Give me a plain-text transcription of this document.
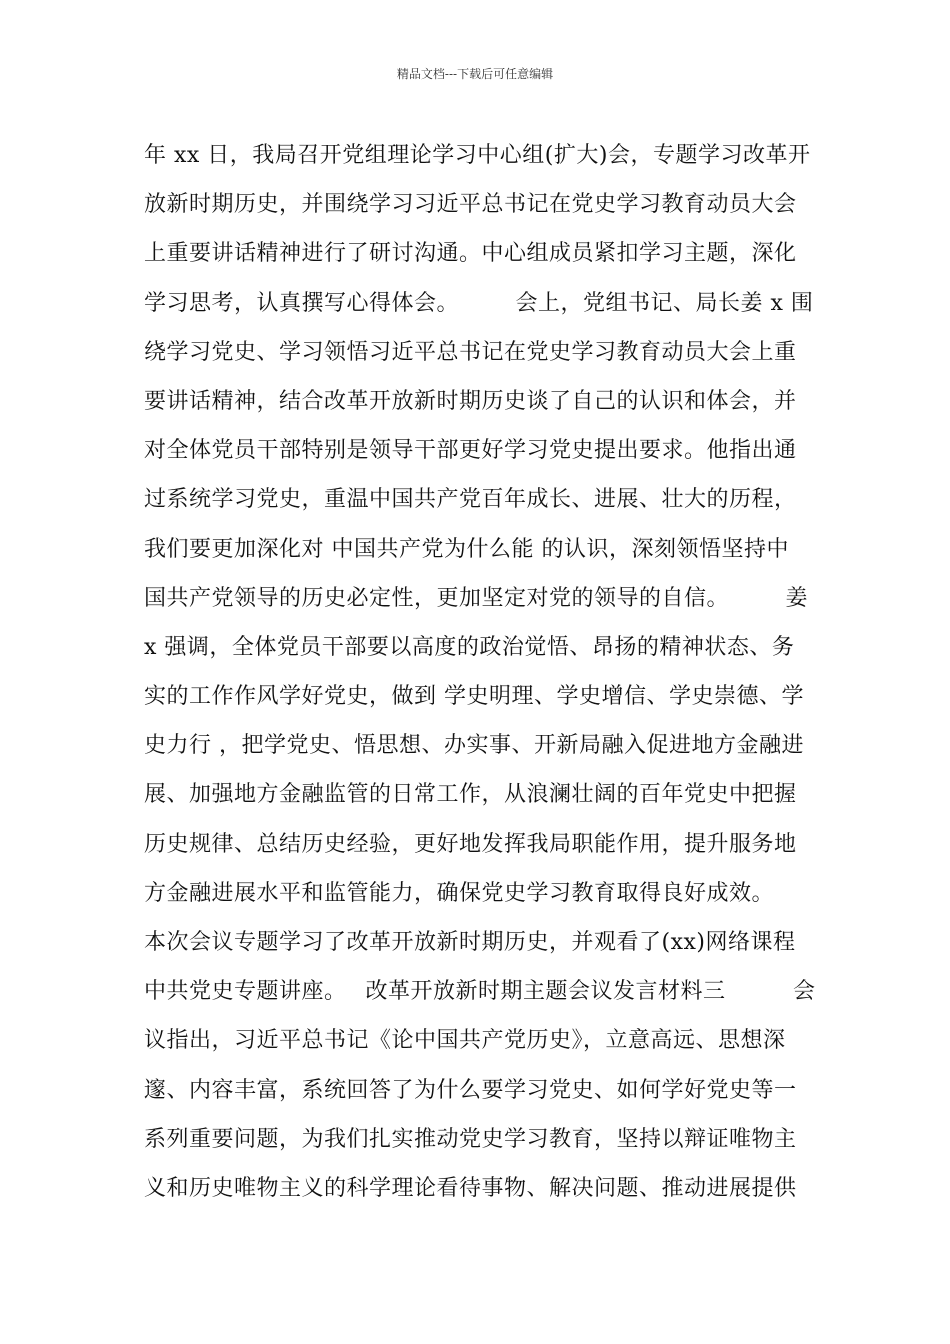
精品文档---下载后可任意编辑
年 xx 日，我局召开党组理论学习中心组(扩大)会，专题学习改革开
放新时期历史，并围绕学习习近平总书记在党史学习教育动员大会
上重要讲话精神进行了研讨沟通。中心组成员紧扣学习主题，深化
学习思考，认真撰写心得体会。　　　会上，党组书记、局长姜 x 围
绕学习党史、学习领悟习近平总书记在党史学习教育动员大会上重
要讲话精神，结合改革开放新时期历史谈了自己的认识和体会，并
对全体党员干部特别是领导干部更好学习党史提出要求。他指出通
过系统学习党史，重温中国共产党百年成长、进展、壮大的历程，
我们要更加深化对 中国共产党为什么能 的认识，深刻领悟坚持中
国共产党领导的历史必定性，更加坚定对党的领导的自信。　　　姜
x 强调，全体党员干部要以高度的政治觉悟、昂扬的精神状态、务
实的工作作风学好党史，做到 学史明理、学史增信、学史崇德、学
史力行 ，把学党史、悟思想、办实事、开新局融入促进地方金融进
展、加强地方金融监管的日常工作，从浪澜壮阔的百年党史中把握
历史规律、总结历史经验，更好地发挥我局职能作用，提升服务地
方金融进展水平和监管能力，确保党史学习教育取得良好成效。
本次会议专题学习了改革开放新时期历史，并观看了(xx)网络课程
中共党史专题讲座。　 改革开放新时期主题会议发言材料三　　　会
议指出，习近平总书记《论中国共产党历史》，立意高远、思想深
邃、内容丰富，系统回答了为什么要学习党史、如何学好党史等一
系列重要问题，为我们扎实推动党史学习教育，坚持以辩证唯物主
义和历史唯物主义的科学理论看待事物、解决问题、推动进展提供
